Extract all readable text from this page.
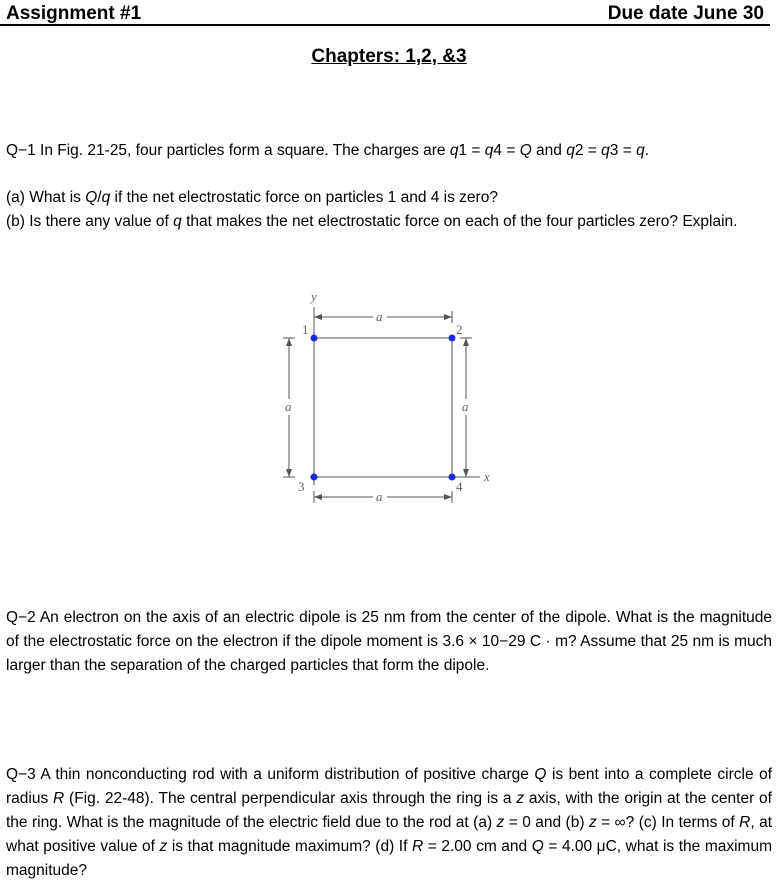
Assignment #1	Due date June 30
Chapters: 1,2, &3
Q−1 In Fig. 21-25, four particles form a square. The charges are q1 = q4 = Q and q2 = q3 = q.
(a) What is Q/q if the net electrostatic force on particles 1 and 4 is zero?
(b) Is there any value of q that makes the net electrostatic force on each of the four particles zero? Explain.
y
x
a
a
a	a
1	2
3	4
Q−2 An electron on the axis of an electric dipole is 25 nm from the center of the dipole. What is the magnitude of the electrostatic force on the electron if the dipole moment is 3.6 × 10−29 C · m? Assume that 25 nm is much larger than the separation of the charged particles that form the dipole.
Q−3 A thin nonconducting rod with a uniform distribution of positive charge Q is bent into a complete circle of radius R (Fig. 22-48). The central perpendicular axis through the ring is a z axis, with the origin at the center of the ring. What is the magnitude of the electric field due to the rod at (a) z = 0 and (b) z = ∞? (c) In terms of R, at what positive value of z is that magnitude maximum? (d) If R = 2.00 cm and Q = 4.00 μC, what is the maximum magnitude?
